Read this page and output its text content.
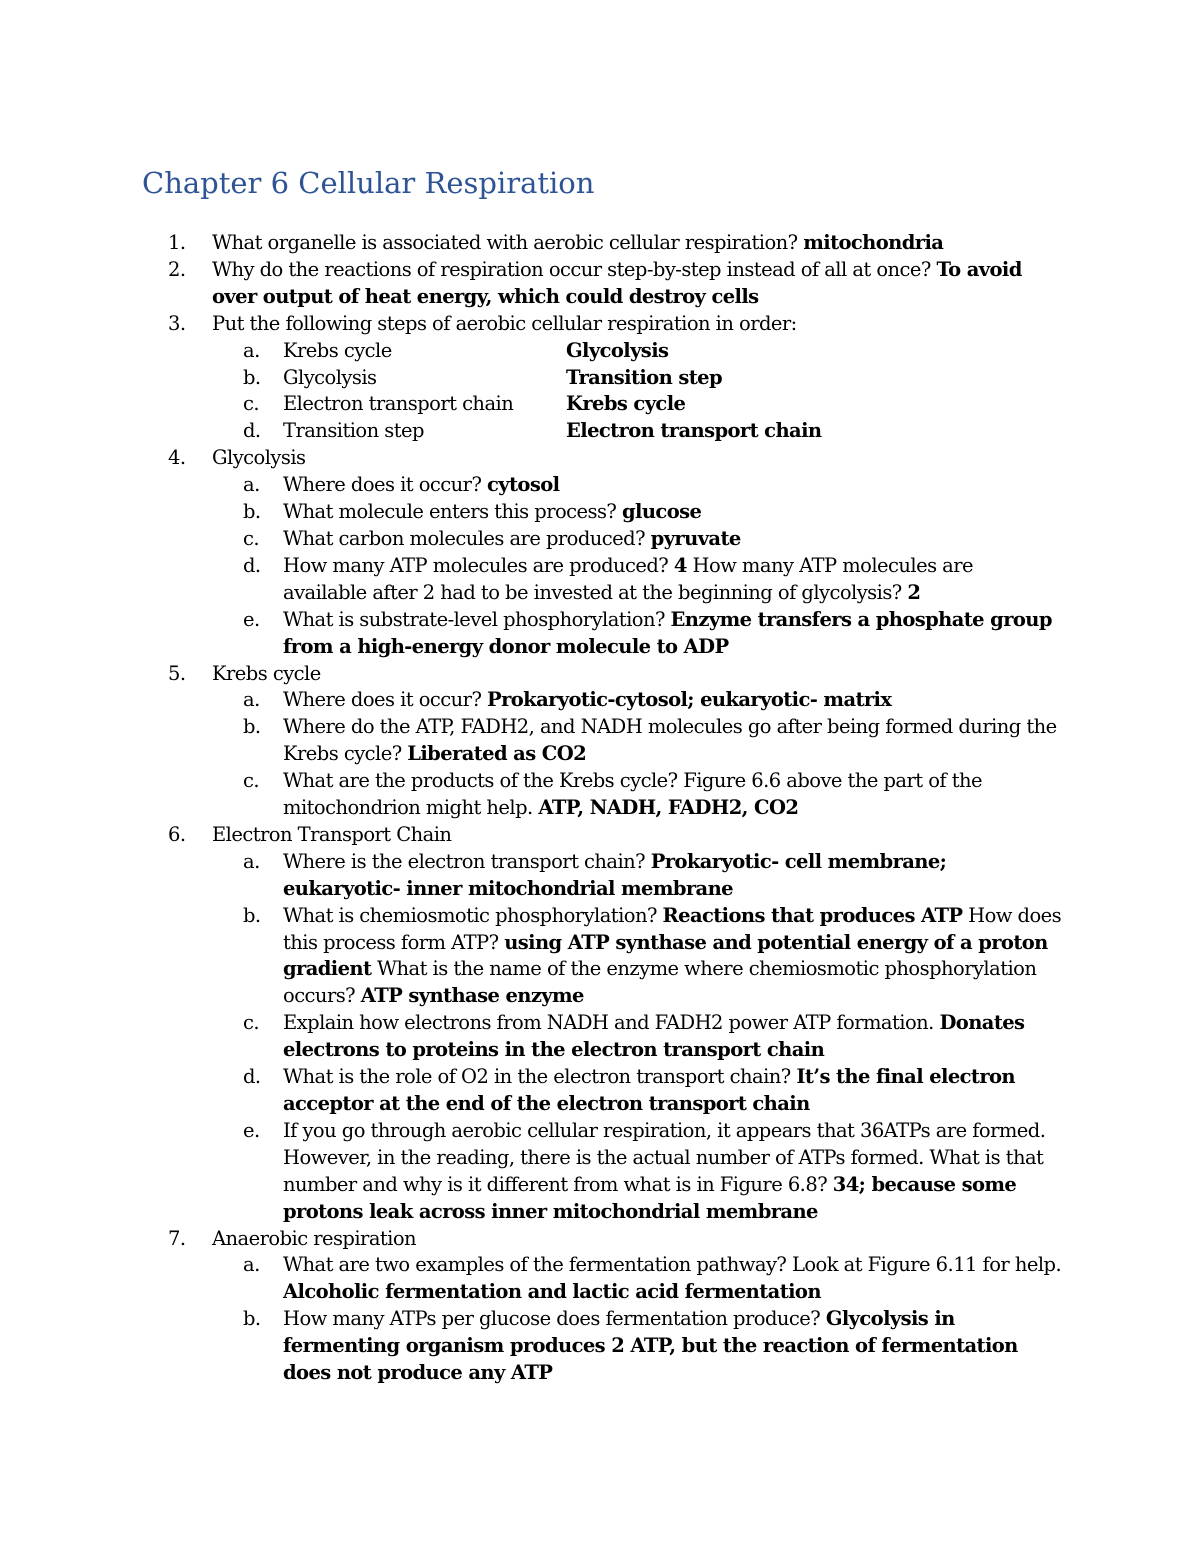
Chapter 6 Cellular Respiration
1. What organelle is associated with aerobic cellular respiration? mitochondria
2. Why do the reactions of respiration occur step-by-step instead of all at once? To avoid over output of heat energy, which could destroy cells
3. Put the following steps of aerobic cellular respiration in order:
a. Krebs cycle	Glycolysis
b. Glycolysis	Transition step
c. Electron transport chain	Krebs cycle
d. Transition step	Electron transport chain
4. Glycolysis
a. Where does it occur? cytosol
b. What molecule enters this process? glucose
c. What carbon molecules are produced? pyruvate
d. How many ATP molecules are produced? 4 How many ATP molecules are available after 2 had to be invested at the beginning of glycolysis? 2
e. What is substrate-level phosphorylation? Enzyme transfers a phosphate group from a high-energy donor molecule to ADP
5. Krebs cycle
a. Where does it occur? Prokaryotic-cytosol; eukaryotic- matrix
b. Where do the ATP, FADH2, and NADH molecules go after being formed during the Krebs cycle? Liberated as CO2
c. What are the products of the Krebs cycle? Figure 6.6 above the part of the mitochondrion might help. ATP, NADH, FADH2, CO2
6. Electron Transport Chain
a. Where is the electron transport chain? Prokaryotic- cell membrane; eukaryotic- inner mitochondrial membrane
b. What is chemiosmotic phosphorylation? Reactions that produces ATP How does this process form ATP? using ATP synthase and potential energy of a proton gradient What is the name of the enzyme where chemiosmotic phosphorylation occurs? ATP synthase enzyme
c. Explain how electrons from NADH and FADH2 power ATP formation. Donates electrons to proteins in the electron transport chain
d. What is the role of O2 in the electron transport chain? It’s the final electron acceptor at the end of the electron transport chain
e. If you go through aerobic cellular respiration, it appears that 36ATPs are formed. However, in the reading, there is the actual number of ATPs formed. What is that number and why is it different from what is in Figure 6.8? 34; because some protons leak across inner mitochondrial membrane
7. Anaerobic respiration
a. What are two examples of the fermentation pathway? Look at Figure 6.11 for help. Alcoholic fermentation and lactic acid fermentation
b. How many ATPs per glucose does fermentation produce? Glycolysis in fermenting organism produces 2 ATP, but the reaction of fermentation does not produce any ATP
